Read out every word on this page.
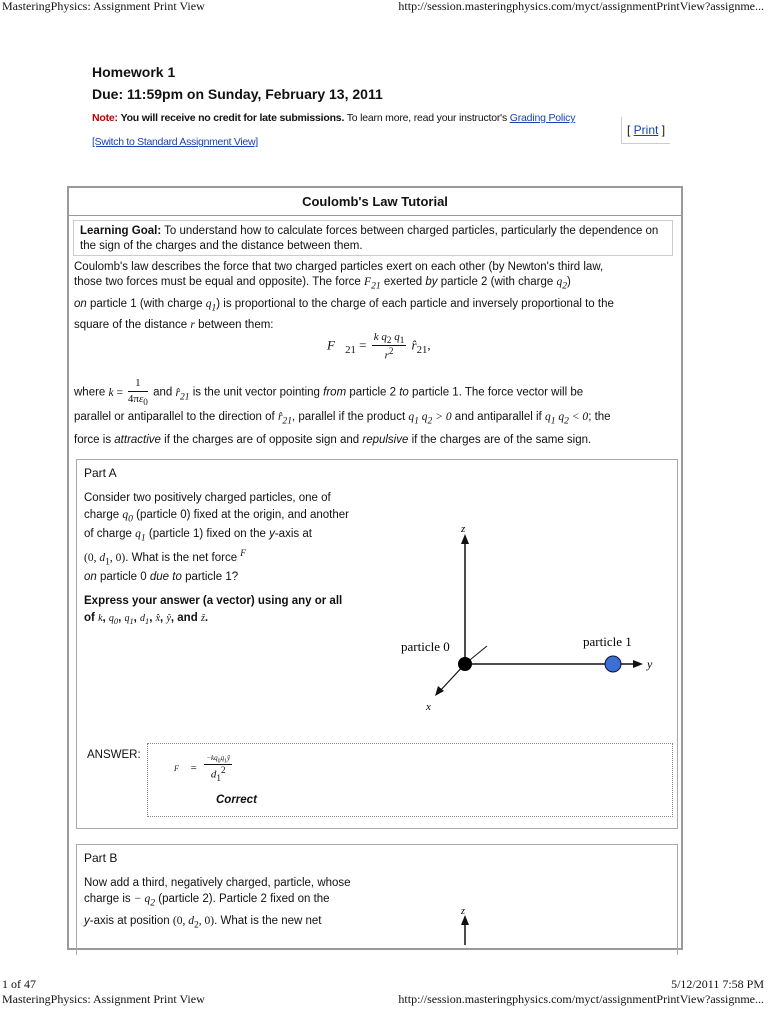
MasteringPhysics: Assignment Print View	http://session.masteringphysics.com/myct/assignmentPrintView?assignme...
Homework 1
Due: 11:59pm on Sunday, February 13, 2011
Note: You will receive no credit for late submissions. To learn more, read your instructor's Grading Policy
[Switch to Standard Assignment View]
[ Print ]
Coulomb's Law Tutorial
Learning Goal: To understand how to calculate forces between charged particles, particularly the dependence on the sign of the charges and the distance between them.
Coulomb's law describes the force that two charged particles exert on each other (by Newton's third law,
those two forces must be equal and opposite). The force $F_{21}$ exerted by particle 2 (with charge $q_2$)
on particle 1 (with charge $q_1$) is proportional to the charge of each particle and inversely proportional to the
square of the distance r between them:
$F⃗_{21} = \frac{k q_2 q_1}{r^2}$ $r̂_{21}$,
where $k = \frac{1}{4\pi\varepsilon_0}$ and $r̂_{21}$ is the unit vector pointing from particle 2 to particle 1. The force vector will be
parallel or antiparallel to the direction of $r̂_{21}$, parallel if the product $q_1$ $q_2 > 0$ and antiparallel if $q_1$ $q_2 < 0$; the
force is attractive if the charges are of opposite sign and repulsive if the charges are of the same sign.
Part A
Consider two positively charged particles, one of
charge $q_0$ (particle 0) fixed at the origin, and another
of charge $q_1$ (particle 1) fixed on the y-axis at
(0, $d_1$, 0). What is the net force $^{F⃗}$
on particle 0 due to particle 1?
Express your answer (a vector) using any or all
of k, $q_0$, $q_1$, $d_1$, x̂, ŷ, and ẑ.
z
y
x
particle 0	particle 1
ANSWER:
F⃗  = $\frac{-kq_0q_1ŷ}{d_1^2}$
Correct
Part B
Now add a third, negatively charged, particle, whose
charge is − $q_2$ (particle 2). Particle 2 fixed on the
y-axis at position (0, $d_2$, 0). What is the new net
z
1 of 47	5/12/2011 7:58 PM
MasteringPhysics: Assignment Print View	http://session.masteringphysics.com/myct/assignmentPrintView?assignme...
